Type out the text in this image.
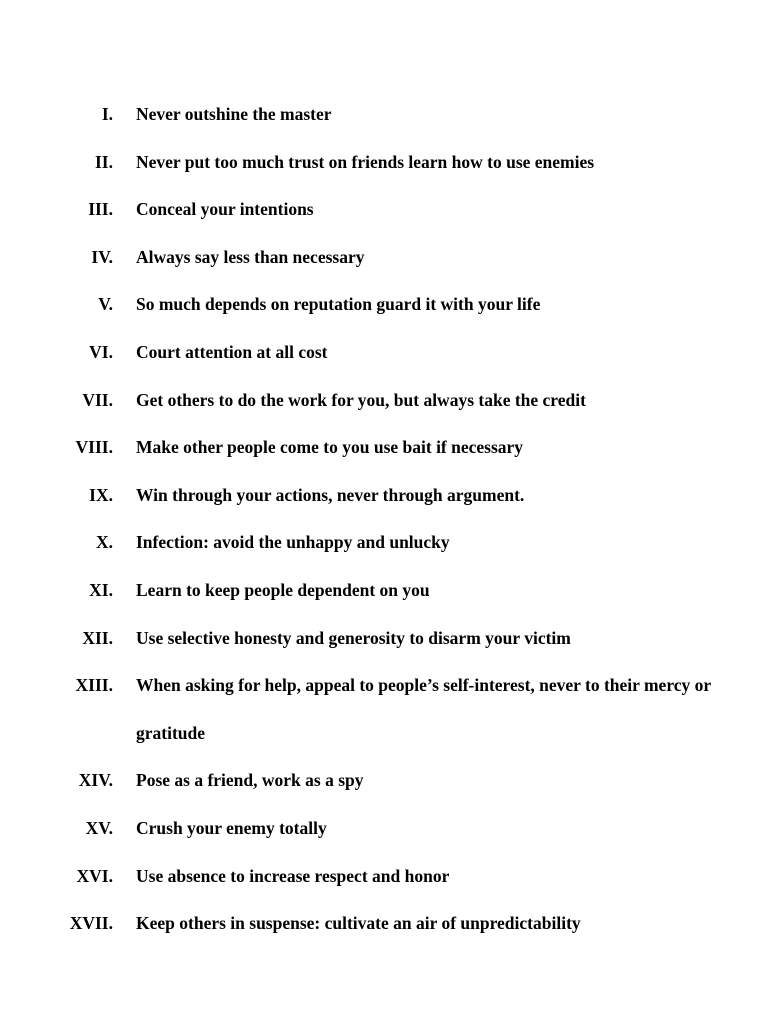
I. Never outshine the master
II. Never put too much trust on friends learn how to use enemies
III. Conceal your intentions
IV. Always say less than necessary
V. So much depends on reputation guard it with your life
VI. Court attention at all cost
VII. Get others to do the work for you, but always take the credit
VIII. Make other people come to you use bait if necessary
IX. Win through your actions, never through argument.
X. Infection: avoid the unhappy and unlucky
XI. Learn to keep people dependent on you
XII. Use selective honesty and generosity to disarm your victim
XIII. When asking for help, appeal to people’s self-interest, never to their mercy or gratitude
XIV. Pose as a friend, work as a spy
XV. Crush your enemy totally
XVI. Use absence to increase respect and honor
XVII. Keep others in suspense: cultivate an air of unpredictability
